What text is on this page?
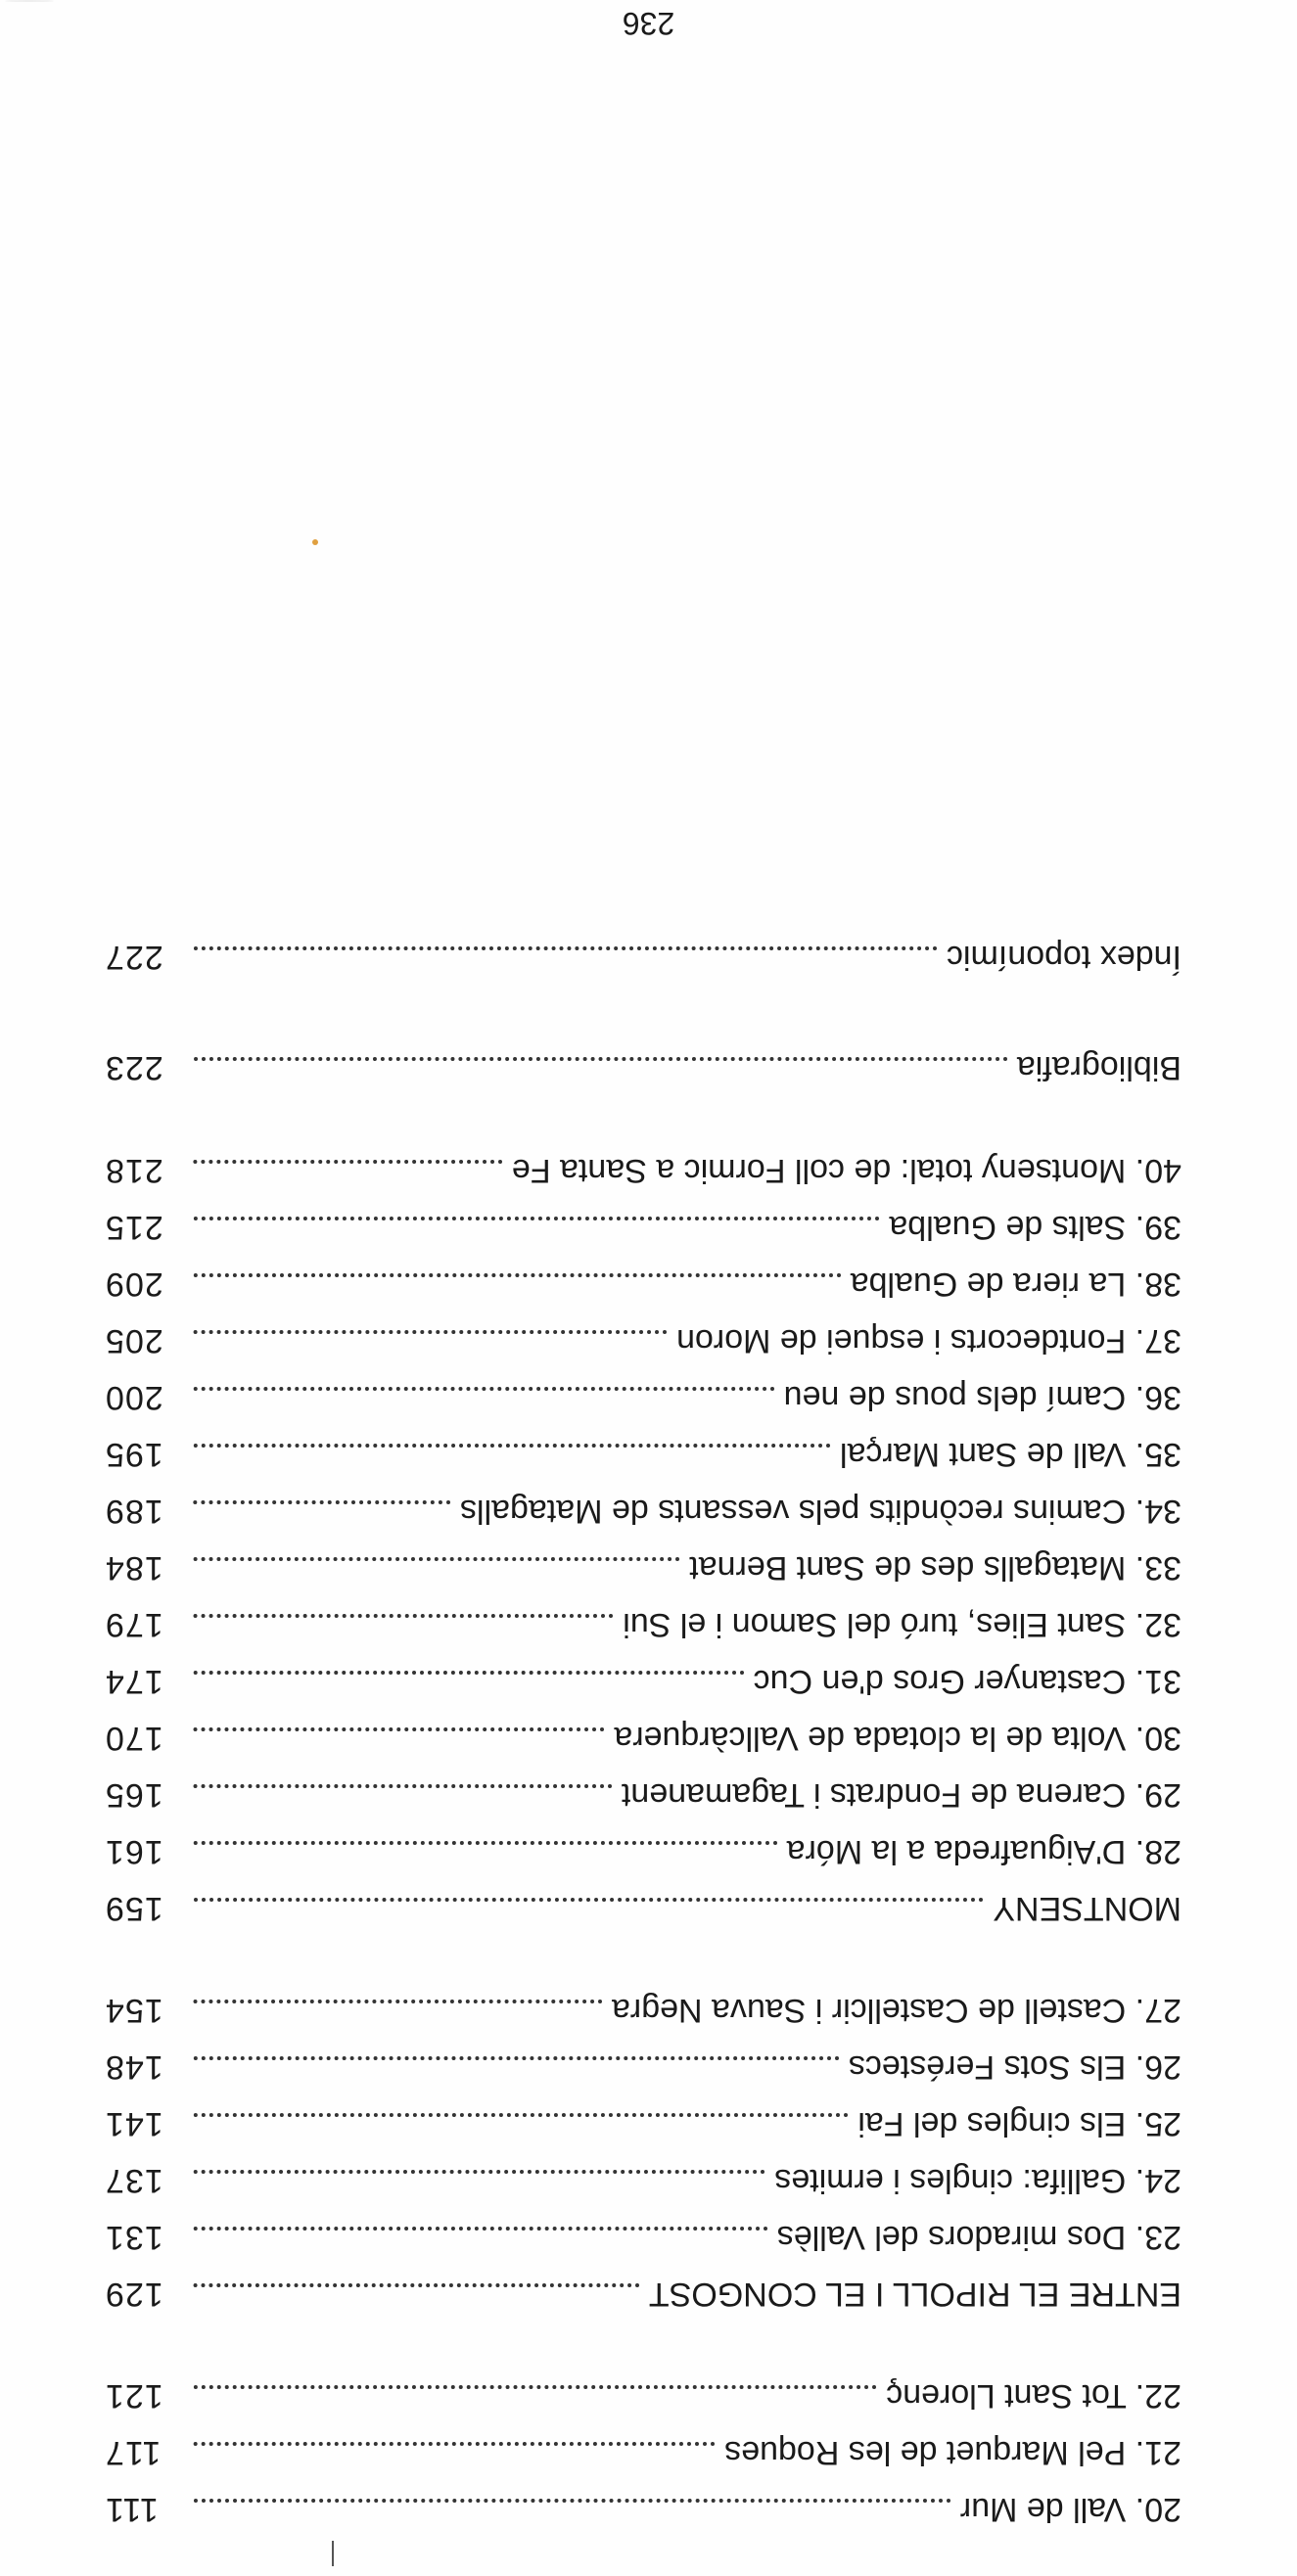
20. Vall de Mur
111
21. Pel Marquet de les Roques
117
22. Tot Sant Llorenç
121
ENTRE EL RIPOLL I EL CONGOST
129
23. Dos miradors del Vallès
131
24. Gallifa: cingles i ermites
137
25. Els cingles del Fai
141
26. Els Sots Feréstecs
148
27. Castell de Castellcir i Sauva Negra
154
MONTSENY
159
28. D'Aiguafreda a la Móra
161
29. Carena de Fondrats i Tagamanent
165
30. Volta de la clotada de Vallcàrquera
170
31. Castanyer Gros d'en Cuc
174
32. Sant Elies, turó del Samon i el Sui
179
33. Matagalls des de Sant Bernat
184
34. Camins recòndits pels vessants de Matagalls
189
35. Vall de Sant Marçal
195
36. Camí dels pous de neu
200
37. Fontdecorts i esquei de Moron
205
38. La riera de Gualba
209
39. Salts de Gualba
215
40. Montseny total: de coll Formic a Santa Fe
218
Bibliografia
223
Índex toponímic
227
236
